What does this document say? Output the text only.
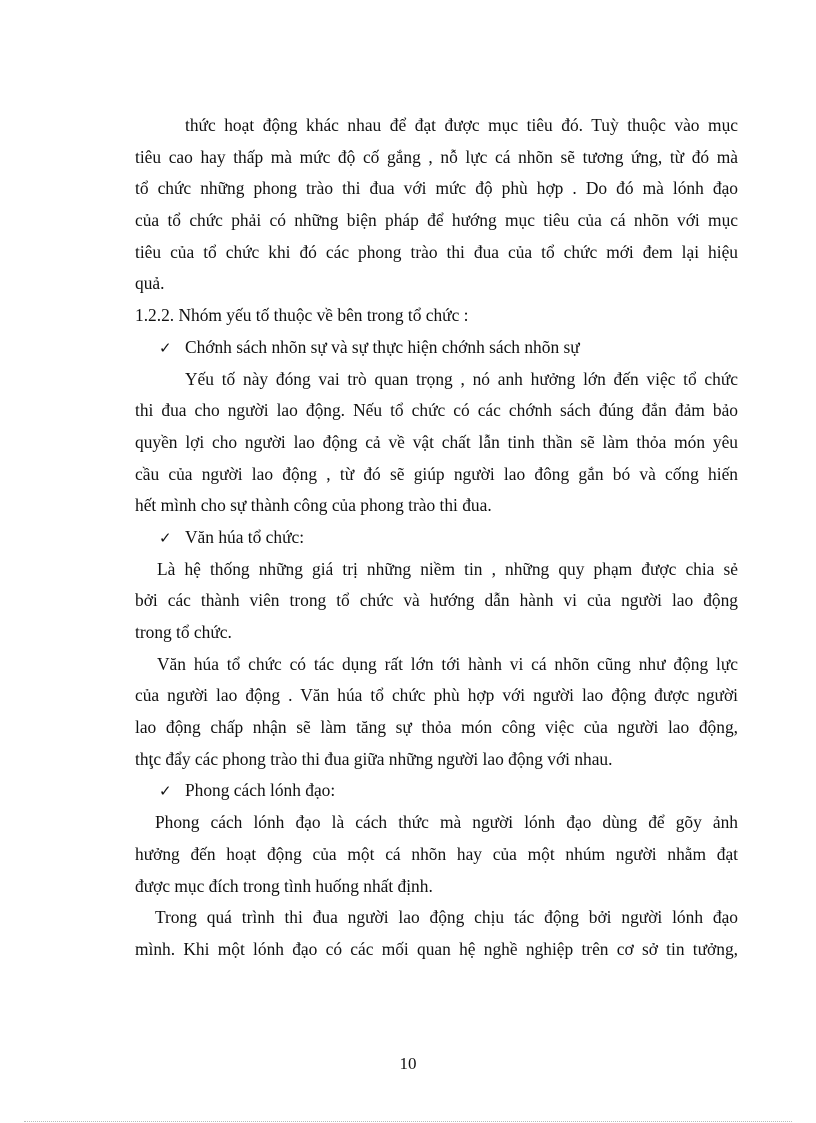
thức hoạt động khác nhau để đạt được mục tiêu đó. Tuỳ thuộc vào mục
tiêu cao hay thấp mà mức độ cố gắng , nỗ lực cá nhõn sẽ tương ứng, từ đó mà
tổ chức những phong trào thi đua với mức độ phù hợp . Do đó mà lónh đạo
của tổ chức phải có những biện pháp để hướng mục tiêu của cá nhõn với mục
tiêu của tổ chức khi đó các phong trào thi đua của tổ chức mới đem lại hiệu
quả.
1.2.2. Nhóm yếu tố thuộc về bên trong tổ chức :
✓ Chớnh sách nhõn sự và sự thực hiện chớnh sách nhõn sự
Yếu tố này đóng vai trò quan trọng , nó anh hưởng lớn đến việc tổ chức
thi đua cho người lao động. Nếu tổ chức có các chớnh sách đúng đắn đảm bảo
quyền lợi cho người lao động cả về vật chất lẫn tinh thần sẽ làm thỏa món yêu
cầu của người lao động , từ đó sẽ giúp người lao đông gắn bó và cống hiến
hết mình cho sự thành công của phong trào thi đua.
✓ Văn húa tổ chức:
Là hệ thống những giá trị những niềm tin , những quy phạm được chia sẻ
bởi các thành viên trong tổ chức và hướng dẫn hành vi của người lao động
trong tổ chức.
Văn húa tổ chức có tác dụng rất lớn tới hành vi cá nhõn cũng như động lực
của người lao động . Văn húa tổ chức phù hợp với người lao động được người
lao động chấp nhận sẽ làm tăng sự thỏa món công việc của người lao động,
thţc đẩy các phong trào thi đua giữa những người lao động với nhau.
✓ Phong cách lónh đạo:
Phong cách lónh đạo là cách thức mà người lónh đạo dùng để gõy ảnh
hưởng đến hoạt động của một cá nhõn hay của một nhúm người nhằm đạt
được mục đích trong tình huống nhất định.
Trong quá trình thi đua người lao động chịu tác động bởi người lónh đạo
mình. Khi một lónh đạo có các mối quan hệ nghề nghiệp trên cơ sở tin tưởng,
10
